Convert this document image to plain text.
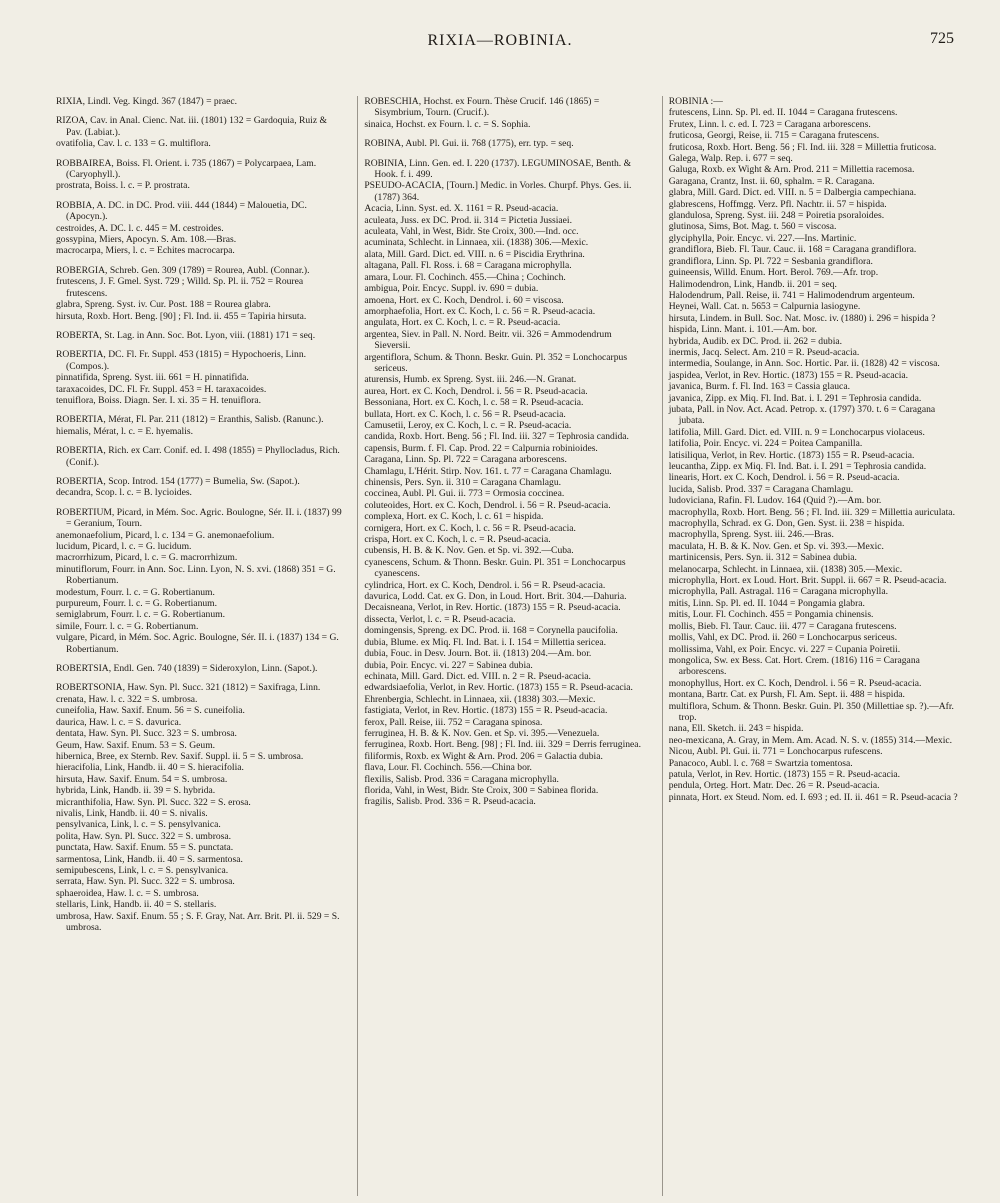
RIXIA—ROBINIA.	725
RIXIA, Lindl. Veg. Kingd. 367 (1847) = praec.
RIZOA, Cav. in Anal. Cienc. Nat. iii. (1801) 132 = Gardoquia, Ruiz & Pav. (Labiat.).
ovatifolia, Cav. l. c. 133 = G. multiflora.
ROBBAIREA, Boiss. Fl. Orient. i. 735 (1867) = Polycarpaea, Lam. (Caryophyll.).
prostrata, Boiss. l. c. = P. prostrata.
ROBBIA, A. DC. in DC. Prod. viii. 444 (1844) = Malouetia, DC. (Apocyn.).
cestroides, A. DC. l. c. 445 = M. cestroides.
gossypina, Miers, Apocyn. S. Am. 108.—Bras.
macrocarpa, Miers, l. c. = Echites macrocarpa.
ROBERGIA, Schreb. Gen. 309 (1789) = Rourea, Aubl. (Connar.).
frutescens, J. F. Gmel. Syst. 729 ; Willd. Sp. Pl. ii. 752 = Rourea frutescens.
glabra, Spreng. Syst. iv. Cur. Post. 188 = Rourea glabra.
hirsuta, Roxb. Hort. Beng. [90] ; Fl. Ind. ii. 455 = Tapiria hirsuta.
ROBERTA, St. Lag. in Ann. Soc. Bot. Lyon, viii. (1881) 171 = seq.
ROBERTIA, DC. Fl. Fr. Suppl. 453 (1815) = Hypochoeris, Linn. (Compos.).
pinnatifida, Spreng. Syst. iii. 661 = H. pinnatifida.
taraxacoides, DC. Fl. Fr. Suppl. 453 = H. taraxacoides.
tenuiflora, Boiss. Diagn. Ser. I. xi. 35 = H. tenuiflora.
ROBERTIA, Mérat, Fl. Par. 211 (1812) = Eranthis, Salisb. (Ranunc.).
hiemalis, Mérat, l. c. = E. hyemalis.
ROBERTIA, Rich. ex Carr. Conif. ed. I. 498 (1855) = Phyllocladus, Rich. (Conif.).
ROBERTIA, Scop. Introd. 154 (1777) = Bumelia, Sw. (Sapot.).
decandra, Scop. l. c. = B. lycioides.
ROBERTIUM, Picard, in Mém. Soc. Agric. Boulogne, Sér. II. i. (1837) 99 = Geranium, Tourn.
anemonaefolium, Picard, l. c. 134 = G. anemonaefolium.
lucidum, Picard, l. c. = G. lucidum.
macrorrhizum, Picard, l. c. = G. macrorrhizum.
minutiflorum, Fourr. in Ann. Soc. Linn. Lyon, N. S. xvi. (1868) 351 = G. Robertianum.
modestum, Fourr. l. c. = G. Robertianum.
purpureum, Fourr. l. c. = G. Robertianum.
semiglabrum, Fourr. l. c. = G. Robertianum.
simile, Fourr. l. c. = G. Robertianum.
vulgare, Picard, in Mém. Soc. Agric. Boulogne, Sér. II. i. (1837) 134 = G. Robertianum.
ROBERTSIA, Endl. Gen. 740 (1839) = Sideroxylon, Linn. (Sapot.).
ROBERTSONIA, Haw. Syn. Pl. Succ. 321 (1812) = Saxifraga, Linn.
crenata, Haw. l. c. 322 = S. umbrosa.
cuneifolia, Haw. Saxif. Enum. 56 = S. cuneifolia.
daurica, Haw. l. c. = S. davurica.
dentata, Haw. Syn. Pl. Succ. 323 = S. umbrosa.
Geum, Haw. Saxif. Enum. 53 = S. Geum.
hibernica, Bree, ex Sternb. Rev. Saxif. Suppl. ii. 5 = S. umbrosa.
hieracifolia, Link, Handb. ii. 40 = S. hieracifolia.
hirsuta, Haw. Saxif. Enum. 54 = S. umbrosa.
hybrida, Link, Handb. ii. 39 = S. hybrida.
micranthifolia, Haw. Syn. Pl. Succ. 322 = S. erosa.
nivalis, Link, Handb. ii. 40 = S. nivalis.
pensylvanica, Link, l. c. = S. pensylvanica.
polita, Haw. Syn. Pl. Succ. 322 = S. umbrosa.
punctata, Haw. Saxif. Enum. 55 = S. punctata.
sarmentosa, Link, Handb. ii. 40 = S. sarmentosa.
semipubescens, Link, l. c. = S. pensylvanica.
serrata, Haw. Syn. Pl. Succ. 322 = S. umbrosa.
sphaeroidea, Haw. l. c. = S. umbrosa.
stellaris, Link, Handb. ii. 40 = S. stellaris.
umbrosa, Haw. Saxif. Enum. 55 ; S. F. Gray, Nat. Arr. Brit. Pl. ii. 529 = S. umbrosa.
ROBESCHIA, Hochst. ex Fourn. Thèse Crucif. 146 (1865) = Sisymbrium, Tourn. (Crucif.).
sinaica, Hochst. ex Fourn. l. c. = S. Sophia.
ROBINA, Aubl. Pl. Gui. ii. 768 (1775), err. typ. = seq.
ROBINIA, Linn. Gen. ed. I. 220 (1737). LEGUMINOSAE, Benth. & Hook. f. i. 499.
PSEUDO-ACACIA, [Tourn.] Medic. in Vorles. Churpf. Phys. Ges. ii. (1787) 364.
Acacia, Linn. Syst. ed. X. 1161 = R. Pseud-acacia.
aculeata, Juss. ex DC. Prod. ii. 314 = Pictetia Jussiaei.
aculeata, Vahl, in West, Bidr. Ste Croix, 300.—Ind. occ.
acuminata, Schlecht. in Linnaea, xii. (1838) 306.—Mexic.
alata, Mill. Gard. Dict. ed. VIII. n. 6 = Piscidia Erythrina.
altagana, Pall. Fl. Ross. i. 68 = Caragana microphylla.
amara, Lour. Fl. Cochinch. 455.—China ; Cochinch.
ambigua, Poir. Encyc. Suppl. iv. 690 = dubia.
amoena, Hort. ex C. Koch, Dendrol. i. 60 = viscosa.
amorphaefolia, Hort. ex C. Koch, l. c. 56 = R. Pseud-acacia.
angulata, Hort. ex C. Koch, l. c. = R. Pseud-acacia.
argentea, Siev. in Pall. N. Nord. Beitr. vii. 326 = Ammodendrum Sieversii.
argentiflora, Schum. & Thonn. Beskr. Guin. Pl. 352 = Lonchocarpus sericeus.
aturensis, Humb. ex Spreng. Syst. iii. 246.—N. Granat.
aurea, Hort. ex C. Koch, Dendrol. i. 56 = R. Pseud-acacia.
Bessoniana, Hort. ex C. Koch, l. c. 58 = R. Pseud-acacia.
bullata, Hort. ex C. Koch, l. c. 56 = R. Pseud-acacia.
Camusetii, Leroy, ex C. Koch, l. c. = R. Pseud-acacia.
candida, Roxb. Hort. Beng. 56 ; Fl. Ind. iii. 327 = Tephrosia candida.
capensis, Burm. f. Fl. Cap. Prod. 22 = Calpurnia robinioides.
Caragana, Linn. Sp. Pl. 722 = Caragana arborescens.
Chamlagu, L'Hérit. Stirp. Nov. 161. t. 77 = Caragana Chamlagu.
chinensis, Pers. Syn. ii. 310 = Caragana Chamlagu.
coccinea, Aubl. Pl. Gui. ii. 773 = Ormosia coccinea.
coluteoides, Hort. ex C. Koch, Dendrol. i. 56 = R. Pseud-acacia.
complexa, Hort. ex C. Koch, l. c. 61 = hispida.
cornigera, Hort. ex C. Koch, l. c. 56 = R. Pseud-acacia.
crispa, Hort. ex C. Koch, l. c. = R. Pseud-acacia.
cubensis, H. B. & K. Nov. Gen. et Sp. vi. 392.—Cuba.
cyanescens, Schum. & Thonn. Beskr. Guin. Pl. 351 = Lonchocarpus cyanescens.
cylindrica, Hort. ex C. Koch, Dendrol. i. 56 = R. Pseud-acacia.
davurica, Lodd. Cat. ex G. Don, in Loud. Hort. Brit. 304.—Dahuria.
Decaisneana, Verlot, in Rev. Hortic. (1873) 155 = R. Pseud-acacia.
dissecta, Verlot, l. c. = R. Pseud-acacia.
domingensis, Spreng. ex DC. Prod. ii. 168 = Corynella paucifolia.
dubia, Blume. ex Miq. Fl. Ind. Bat. i. I. 154 = Millettia sericea.
dubia, Fouc. in Desv. Journ. Bot. ii. (1813) 204.—Am. bor.
dubia, Poir. Encyc. vi. 227 = Sabinea dubia.
echinata, Mill. Gard. Dict. ed. VIII. n. 2 = R. Pseud-acacia.
edwardsiaefolia, Verlot, in Rev. Hortic. (1873) 155 = R. Pseud-acacia.
Ehrenbergia, Schlecht. in Linnaea, xii. (1838) 303.—Mexic.
fastigiata, Verlot, in Rev. Hortic. (1873) 155 = R. Pseud-acacia.
ferox, Pall. Reise, iii. 752 = Caragana spinosa.
ferruginea, H. B. & K. Nov. Gen. et Sp. vi. 395.—Venezuela.
ferruginea, Roxb. Hort. Beng. [98] ; Fl. Ind. iii. 329 = Derris ferruginea.
filiformis, Roxb. ex Wight & Arn. Prod. 206 = Galactia dubia.
flava, Lour. Fl. Cochinch. 556.—China bor.
flexilis, Salisb. Prod. 336 = Caragana microphylla.
florida, Vahl, in West, Bidr. Ste Croix, 300 = Sabinea florida.
fragilis, Salisb. Prod. 336 = R. Pseud-acacia.
ROBINIA :—
frutescens, Linn. Sp. Pl. ed. II. 1044 = Caragana frutescens.
Frutex, Linn. l. c. ed. I. 723 = Caragana arborescens.
fruticosa, Georgi, Reise, ii. 715 = Caragana frutescens.
fruticosa, Roxb. Hort. Beng. 56 ; Fl. Ind. iii. 328 = Millettia fruticosa.
Galega, Walp. Rep. i. 677 = seq.
Galuga, Roxb. ex Wight & Arn. Prod. 211 = Millettia racemosa.
Garagana, Crantz, Inst. ii. 60, sphalm. = R. Caragana.
glabra, Mill. Gard. Dict. ed. VIII. n. 5 = Dalbergia campechiana.
glabrescens, Hoffmgg. Verz. Pfl. Nachtr. ii. 57 = hispida.
glandulosa, Spreng. Syst. iii. 248 = Poiretia psoraloides.
glutinosa, Sims, Bot. Mag. t. 560 = viscosa.
glyciphylla, Poir. Encyc. vi. 227.—Ins. Martinic.
grandiflora, Bieb. Fl. Taur. Cauc. ii. 168 = Caragana grandiflora.
grandiflora, Linn. Sp. Pl. 722 = Sesbania grandiflora.
guineensis, Willd. Enum. Hort. Berol. 769.—Afr. trop.
Halimodendron, Link, Handb. ii. 201 = seq.
Halodendrum, Pall. Reise, ii. 741 = Halimodendrum argenteum.
Heynei, Wall. Cat. n. 5653 = Calpurnia lasiogyne.
hirsuta, Lindem. in Bull. Soc. Nat. Mosc. iv. (1880) i. 296 = hispida ?
hispida, Linn. Mant. i. 101.—Am. bor.
hybrida, Audib. ex DC. Prod. ii. 262 = dubia.
inermis, Jacq. Select. Am. 210 = R. Pseud-acacia.
intermedia, Soulange, in Ann. Soc. Hortic. Par. ii. (1828) 42 = viscosa.
jaspidea, Verlot, in Rev. Hortic. (1873) 155 = R. Pseud-acacia.
javanica, Burm. f. Fl. Ind. 163 = Cassia glauca.
javanica, Zipp. ex Miq. Fl. Ind. Bat. i. I. 291 = Tephrosia candida.
jubata, Pall. in Nov. Act. Acad. Petrop. x. (1797) 370. t. 6 = Caragana jubata.
latifolia, Mill. Gard. Dict. ed. VIII. n. 9 = Lonchocarpus violaceus.
latifolia, Poir. Encyc. vi. 224 = Poitea Campanilla.
latisiliqua, Verlot, in Rev. Hortic. (1873) 155 = R. Pseud-acacia.
leucantha, Zipp. ex Miq. Fl. Ind. Bat. i. I. 291 = Tephrosia candida.
linearis, Hort. ex C. Koch, Dendrol. i. 56 = R. Pseud-acacia.
lucida, Salisb. Prod. 337 = Caragana Chamlagu.
ludoviciana, Rafin. Fl. Ludov. 164 (Quid ?).—Am. bor.
macrophylla, Roxb. Hort. Beng. 56 ; Fl. Ind. iii. 329 = Millettia auriculata.
macrophylla, Schrad. ex G. Don, Gen. Syst. ii. 238 = hispida.
macrophylla, Spreng. Syst. iii. 246.—Bras.
maculata, H. B. & K. Nov. Gen. et Sp. vi. 393.—Mexic.
martinicensis, Pers. Syn. ii. 312 = Sabinea dubia.
melanocarpa, Schlecht. in Linnaea, xii. (1838) 305.—Mexic.
microphylla, Hort. ex Loud. Hort. Brit. Suppl. ii. 667 = R. Pseud-acacia.
microphylla, Pall. Astragal. 116 = Caragana microphylla.
mitis, Linn. Sp. Pl. ed. II. 1044 = Pongamia glabra.
mitis, Lour. Fl. Cochinch. 455 = Pongamia chinensis.
mollis, Bieb. Fl. Taur. Cauc. iii. 477 = Caragana frutescens.
mollis, Vahl, ex DC. Prod. ii. 260 = Lonchocarpus sericeus.
mollissima, Vahl, ex Poir. Encyc. vi. 227 = Cupania Poiretii.
mongolica, Sw. ex Bess. Cat. Hort. Crem. (1816) 116 = Caragana arborescens.
monophyllus, Hort. ex C. Koch, Dendrol. i. 56 = R. Pseud-acacia.
montana, Bartr. Cat. ex Pursh, Fl. Am. Sept. ii. 488 = hispida.
multiflora, Schum. & Thonn. Beskr. Guin. Pl. 350 (Millettiae sp. ?).—Afr. trop.
nana, Ell. Sketch. ii. 243 = hispida.
neo-mexicana, A. Gray, in Mem. Am. Acad. N. S. v. (1855) 314.—Mexic.
Nicou, Aubl. Pl. Gui. ii. 771 = Lonchocarpus rufescens.
Panacoco, Aubl. l. c. 768 = Swartzia tomentosa.
patula, Verlot, in Rev. Hortic. (1873) 155 = R. Pseud-acacia.
pendula, Orteg. Hort. Matr. Dec. 26 = R. Pseud-acacia.
pinnata, Hort. ex Steud. Nom. ed. I. 693 ; ed. II. ii. 461 = R. Pseud-acacia ?
